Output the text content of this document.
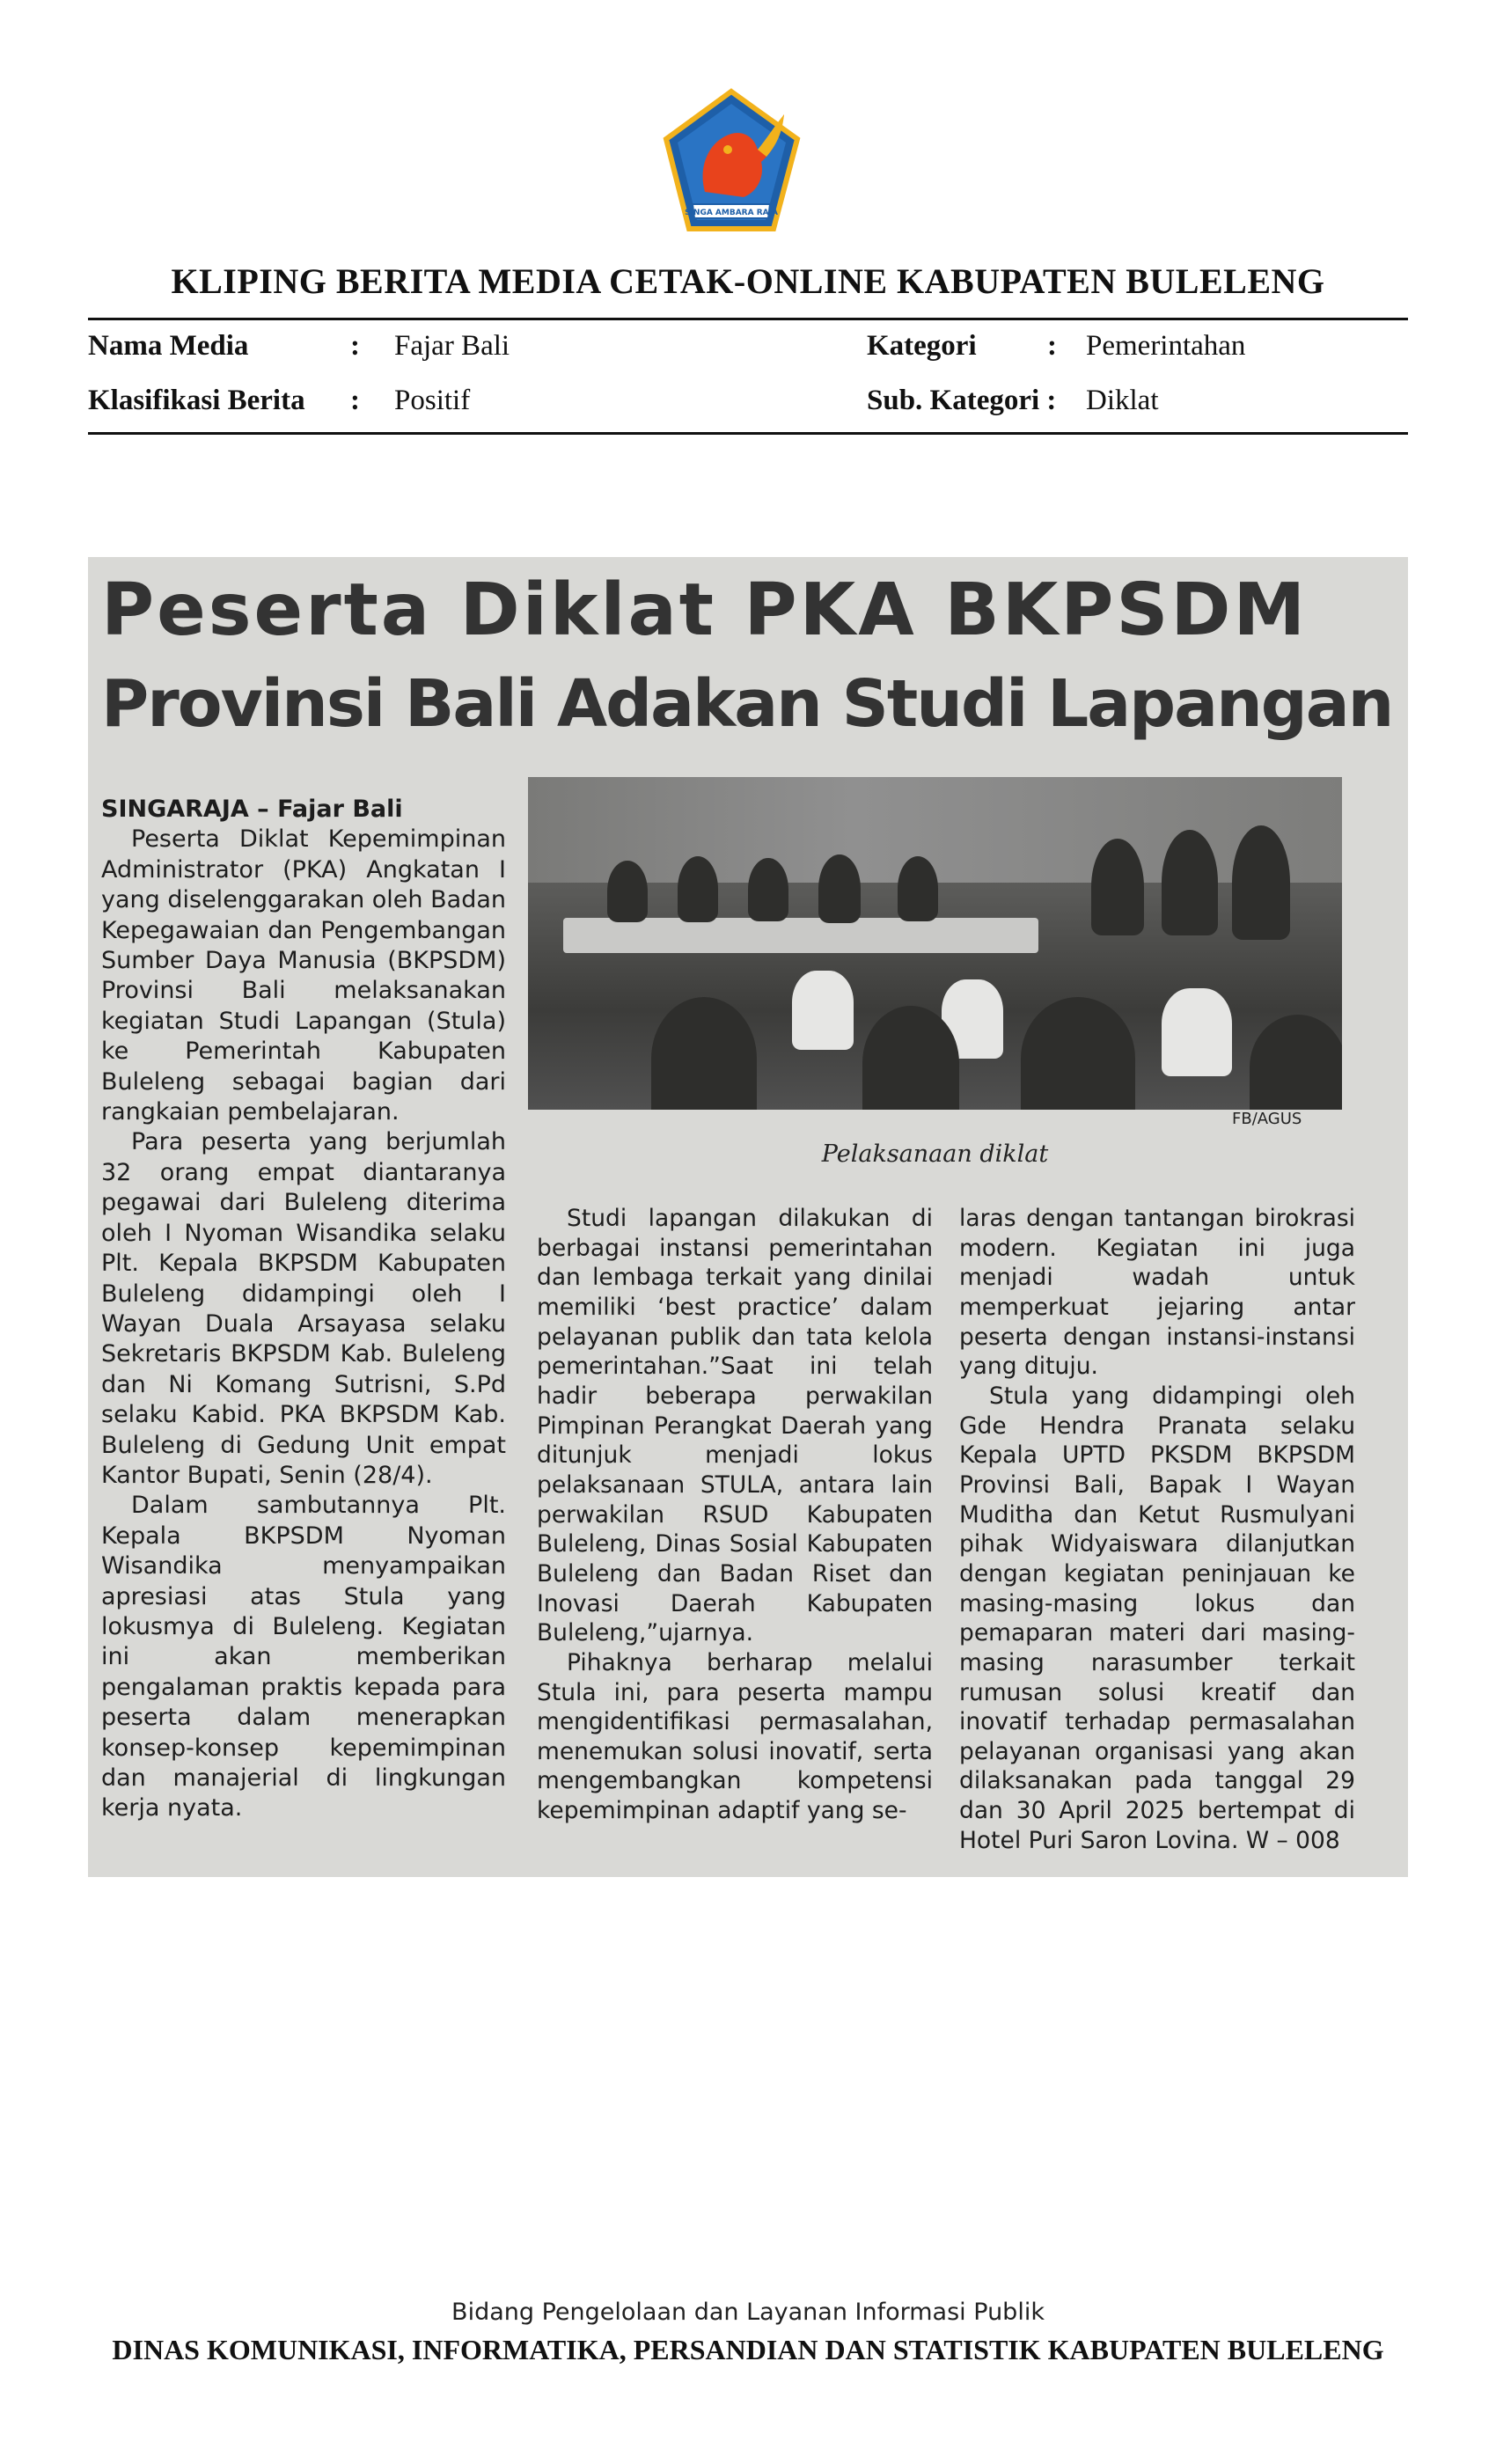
SINGA AMBARA RAJA
KLIPING BERITA MEDIA CETAK-ONLINE KABUPATEN BULELENG
Nama Media	: Fajar Bali	Kategori : Pemerintahan
Klasifikasi Berita : Positif	Sub. Kategori : Diklat
Peserta Diklat PKA BKPSDM
Provinsi Bali Adakan Studi Lapangan
FB/AGUS
Pelaksanaan diklat

SINGARAJA – Fajar Bali

Peserta Diklat Kepemimpinan Administrator (PKA) Angkatan I yang diselenggarakan oleh Badan Kepegawaian dan Pengembangan Sumber Daya Manusia (BKPSDM) Provinsi Bali melaksanakan kegiatan Studi Lapangan (Stula) ke Pemerintah Kabupaten Buleleng sebagai bagian dari rangkaian pembelajaran.

Para peserta yang berjumlah 32 orang empat diantaranya pegawai dari Buleleng diterima oleh I Nyoman Wisandika selaku Plt. Kepala BKPSDM Kabupaten Buleleng didampingi oleh I Wayan Duala Arsayasa selaku Sekretaris BKPSDM Kab. Buleleng dan Ni Komang Sutrisni, S.Pd selaku Kabid. PKA BKPSDM Kab. Buleleng di Gedung Unit empat Kantor Bupati, Senin (28/4).

Dalam sambutannya Plt. Kepala BKPSDM Nyoman Wisandika menyampaikan apresiasi atas Stula yang lokusmya di Buleleng. Kegiatan ini akan memberikan pengalaman praktis kepada para peserta dalam menerapkan konsep-konsep kepemimpinan dan manajerial di lingkungan kerja nyata.

Studi lapangan dilakukan di berbagai instansi pemerintahan dan lembaga terkait yang dinilai memiliki ‘best practice’ dalam pelayanan publik dan tata kelola pemerintahan.”Saat ini telah hadir beberapa perwakilan Pimpinan Perangkat Daerah yang ditunjuk menjadi lokus pelaksanaan STULA, antara lain perwakilan RSUD Kabupaten Buleleng, Dinas Sosial Kabupaten Buleleng dan Badan Riset dan Inovasi Daerah Kabupaten Buleleng,”ujarnya.

Pihaknya berharap melalui Stula ini, para peserta mampu mengidentifikasi permasalahan, menemukan solusi inovatif, serta mengembangkan kompetensi kepemimpinan adaptif yang se-

laras dengan tantangan birokrasi modern. Kegiatan ini juga menjadi wadah untuk memperkuat jejaring antar peserta dengan instansi-instansi yang dituju.

Stula yang didampingi oleh Gde Hendra Pranata selaku Kepala UPTD PKSDM BKPSDM Provinsi Bali, Bapak I Wayan Muditha dan Ketut Rusmulyani pihak Widyaiswara dilanjutkan dengan kegiatan peninjauan ke masing-masing lokus dan pemaparan materi dari masing-masing narasumber terkait rumusan solusi kreatif dan inovatif terhadap permasalahan pelayanan organisasi yang akan dilaksanakan pada tanggal 29 dan 30 April 2025 bertempat di Hotel Puri Saron Lovina. W – 008

Bidang Pengelolaan dan Layanan Informasi Publik
DINAS KOMUNIKASI, INFORMATIKA, PERSANDIAN DAN STATISTIK KABUPATEN BULELENG
